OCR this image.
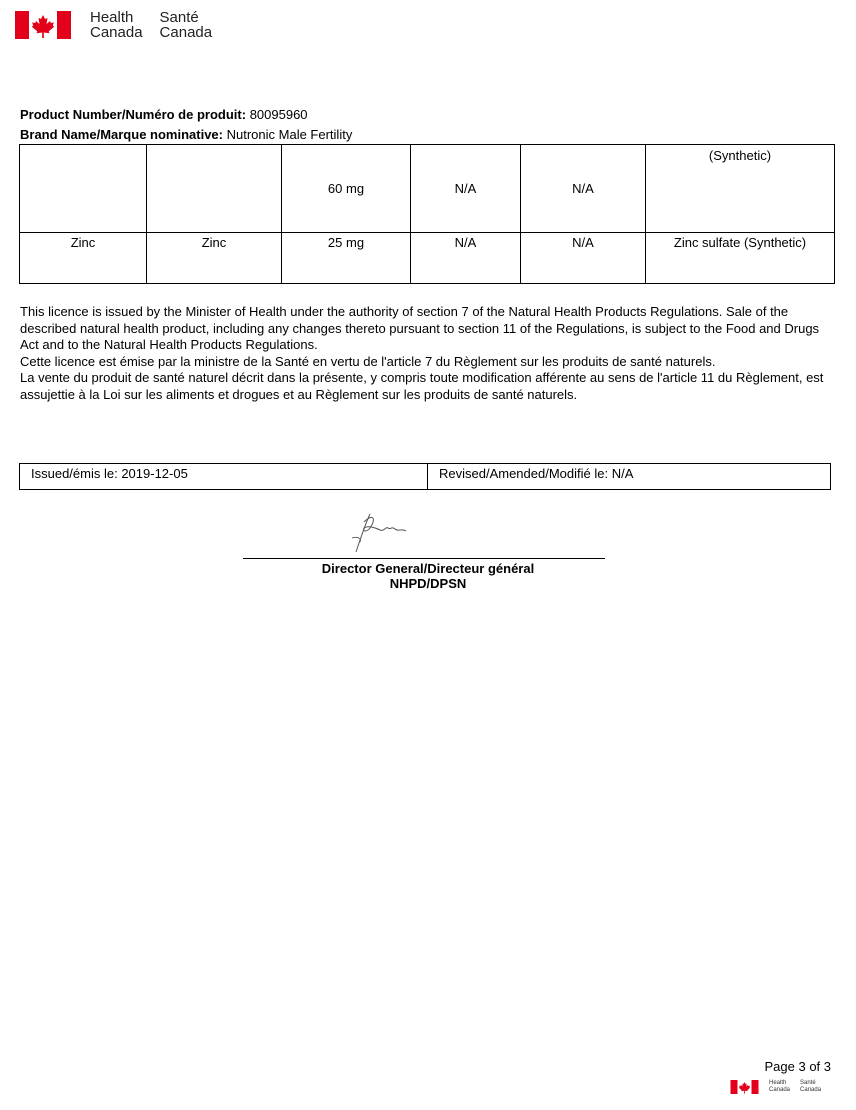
Health
Canada
Santé
Canada
Product Number/Numéro de produit: 80095960
Brand Name/Marque nominative: Nutronic Male Fertility
		60 mg	N/A	N/A	(Synthetic)
Zinc	Zinc	25 mg	N/A	N/A	Zinc sulfate (Synthetic)

This licence is issued by the Minister of Health under the authority of section 7 of the Natural Health Products Regulations. Sale of the described natural health product, including any changes thereto pursuant to section 11 of the Regulations, is subject to the Food and Drugs Act and to the Natural Health Products Regulations.

Cette licence est émise par la ministre de la Santé en vertu de l'article 7 du Règlement sur les produits de santé naturels.

La vente du produit de santé naturel décrit dans la présente, y compris toute modification afférente au sens de l'article 11 du Règlement, est assujettie à la Loi sur les aliments et drogues et au Règlement sur les produits de santé naturels.

Issued/émis le: 2019-12-05	Revised/Amended/Modifié le: N/A
Director General/Directeur général
NHPD/DPSN
Page 3 of 3
Health
Canada
Santé
Canada
